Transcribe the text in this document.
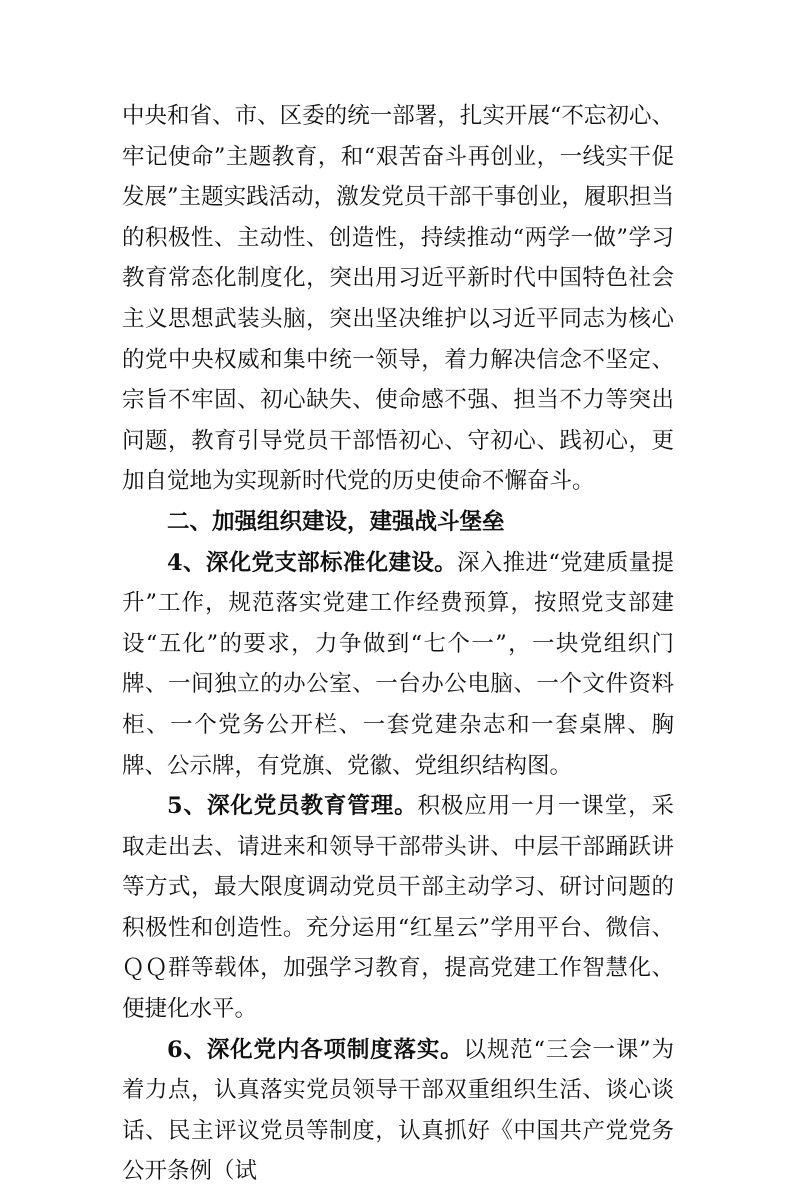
中央和省、市、区委的统一部署，扎实开展“不忘初心、牢记使命”主题教育，和“艰苦奋斗再创业，一线实干促发展”主题实践活动，激发党员干部干事创业，履职担当的积极性、主动性、创造性，持续推动“两学一做”学习教育常态化制度化，突出用习近平新时代中国特色社会主义思想武装头脑，突出坚决维护以习近平同志为核心的党中央权威和集中统一领导，着力解决信念不坚定、宗旨不牢固、初心缺失、使命感不强、担当不力等突出问题，教育引导党员干部悟初心、守初心、践初心，更加自觉地为实现新时代党的历史使命不懈奋斗。

二、加强组织建设，建强战斗堡垒

4、深化党支部标准化建设。深入推进“党建质量提升”工作，规范落实党建工作经费预算，按照党支部建设“五化”的要求，力争做到“七个一”，一块党组织门牌、一间独立的办公室、一台办公电脑、一个文件资料柜、一个党务公开栏、一套党建杂志和一套桌牌、胸牌、公示牌，有党旗、党徽、党组织结构图。

5、深化党员教育管理。积极应用一月一课堂，采取走出去、请进来和领导干部带头讲、中层干部踊跃讲等方式，最大限度调动党员干部主动学习、研讨问题的积极性和创造性。充分运用“红星云”学用平台、微信、ＱＱ群等载体，加强学习教育，提高党建工作智慧化、便捷化水平。

6、深化党内各项制度落实。以规范“三会一课”为着力点，认真落实党员领导干部双重组织生活、谈心谈话、民主评议党员等制度，认真抓好《中国共产党党务公开条例（试
